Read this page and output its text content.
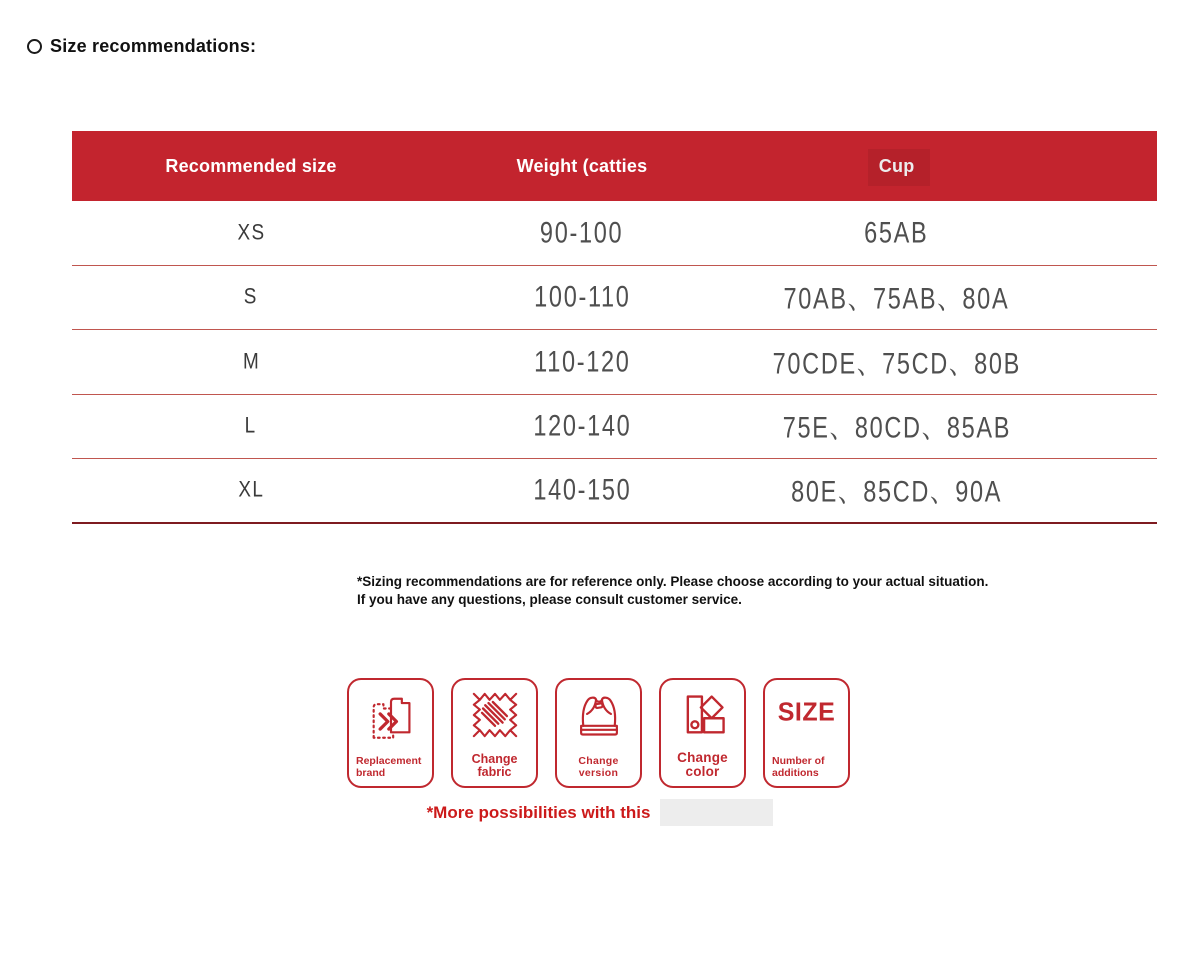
Size recommendations:
Recommended size	Weight (catties	Cup
XS	90-100	65AB
S	100-110	70AB、75AB、80A
M	110-120	70CDE、75CD、80B
L	120-140	75E、80CD、85AB
XL	140-150	80E、85CD、90A

*Sizing recommendations are for reference only. Please choose according to your actual situation. If you have any questions, please consult customer service.

Replacement brand
Change fabric
Change version
Change color
SIZE
Number of additions
*More possibilities with this
